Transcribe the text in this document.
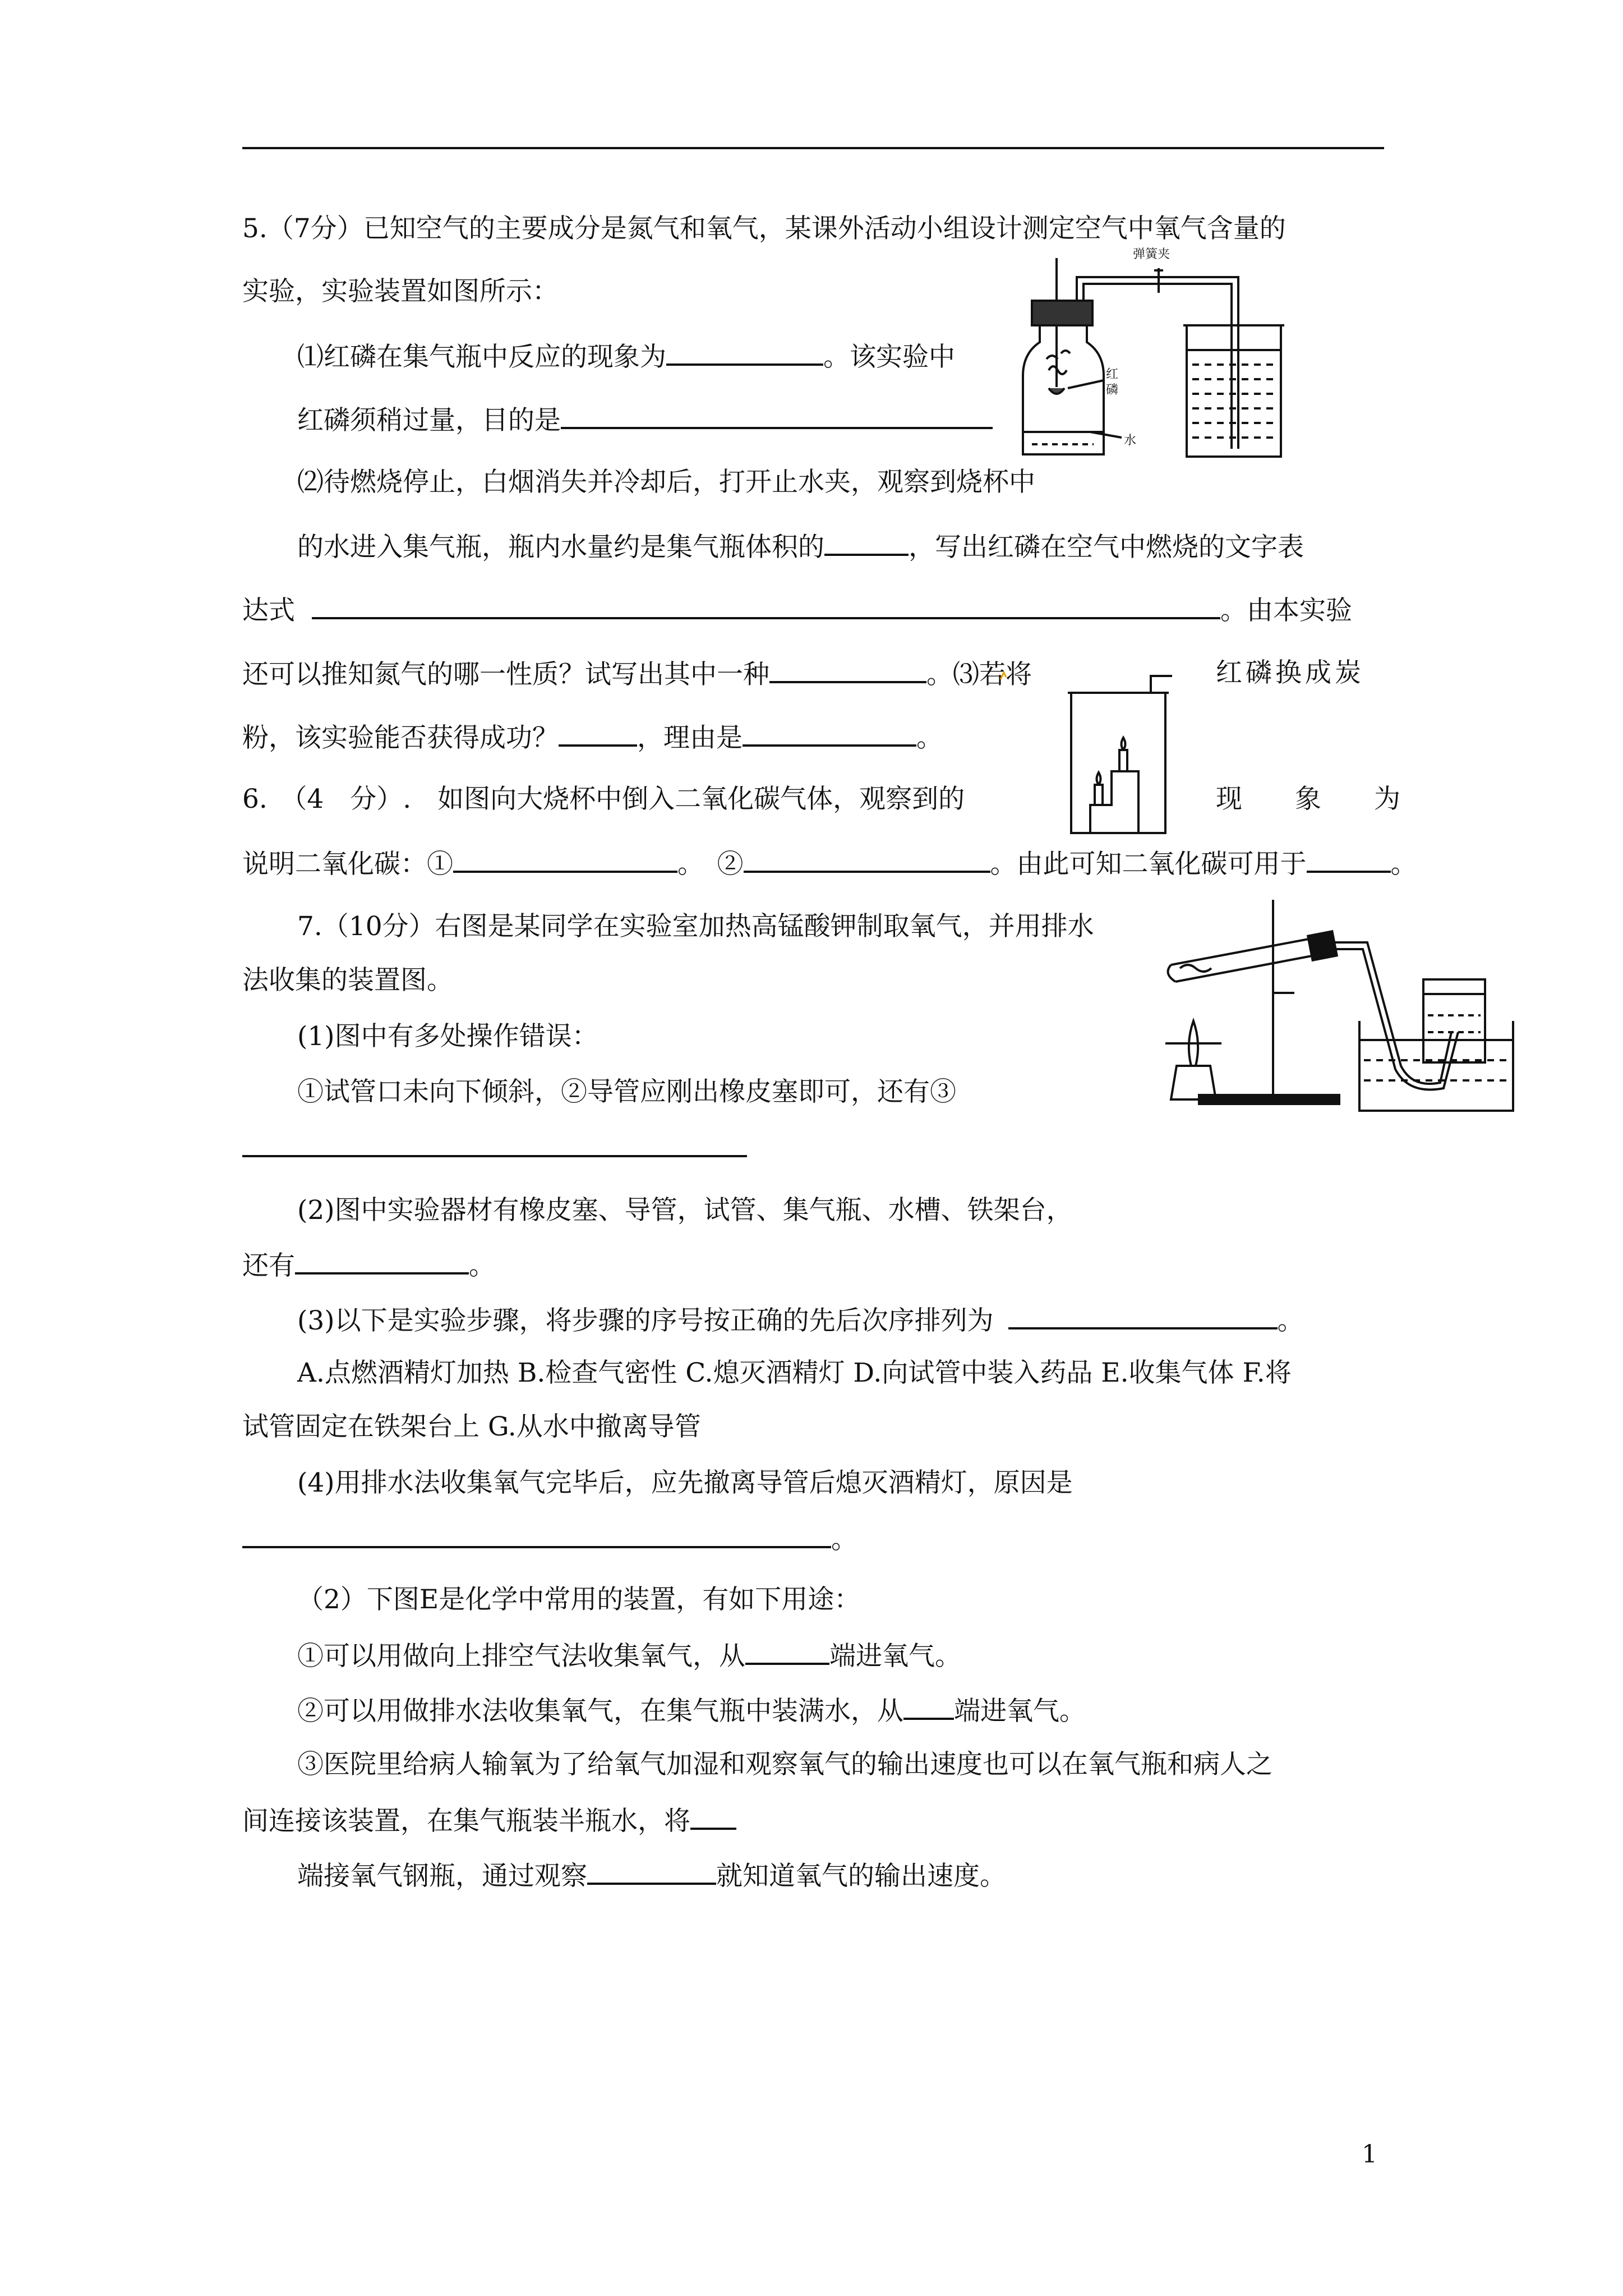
5.（7分）已知空气的主要成分是氮气和氧气，某课外活动小组设计测定空气中氧气含量的
实验，实验装置如图所示：
⑴红磷在集气瓶中反应的现象为	。该实验中
红磷须稍过量，目的是
⑵待燃烧停止，白烟消失并冷却后，打开止水夹，观察到烧杯中
的水进入集气瓶，瓶内水量约是集气瓶体积的	，写出红磷在空气中燃烧的文字表
达式	。由本实验
还可以推知氮气的哪一性质？试写出其中一种	。⑶若将	红磷换成炭
粉，该实验能否获得成功？	，理由是	。
6.　（4　分）.　如图向大烧杯中倒入二氧化碳气体，观察到的	现　　象　　为
说明二氧化碳：①	。　②	。由此可知二氧化碳可用于	。
7.（10分）右图是某同学在实验室加热高锰酸钾制取氧气，并用排水
法收集的装置图。
(1)图中有多处操作错误：
①试管口未向下倾斜，②导管应刚出橡皮塞即可，还有③
(2)图中实验器材有橡皮塞、导管，试管、集气瓶、水槽、铁架台，
还有	。
(3)以下是实验步骤，将步骤的序号按正确的先后次序排列为	。
A.点燃酒精灯加热 B.检查气密性 C.熄灭酒精灯 D.向试管中装入药品 E.收集气体 F.将
试管固定在铁架台上 G.从水中撤离导管
(4)用排水法收集氧气完毕后，应先撤离导管后熄灭酒精灯，原因是
。
（2）下图E是化学中常用的装置，有如下用途：
①可以用做向上排空气法收集氧气，从	端进氧气。
②可以用做排水法收集氧气，在集气瓶中装满水，从 端进氧气。
③医院里给病人输氧为了给氧气加湿和观察氧气的输出速度也可以在氧气瓶和病人之
间连接该装置，在集气瓶装半瓶水，将
端接氧气钢瓶，通过观察	就知道氧气的输出速度。
弹簧夹
红
磷
水
1
